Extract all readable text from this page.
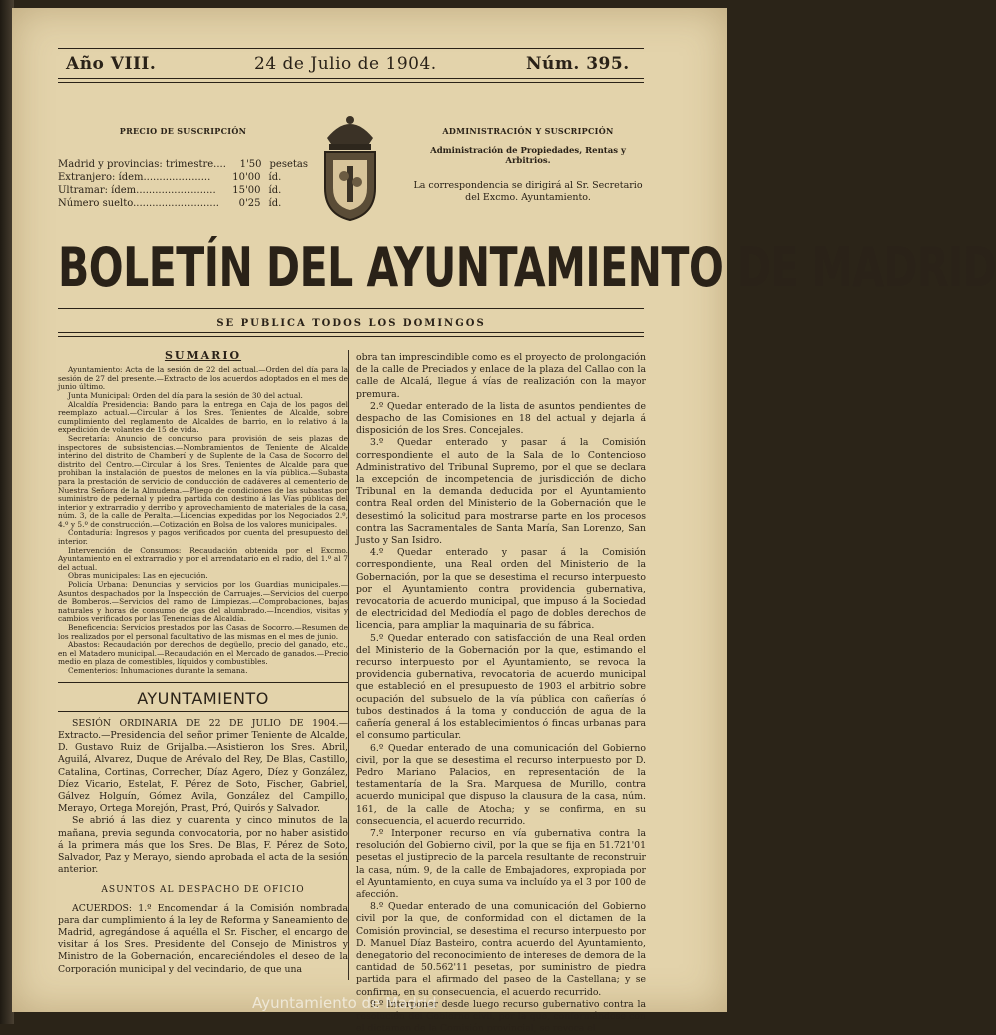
Año VIII.	24 de Julio de 1904.	Núm. 395.
PRECIO DE SUSCRIPCIÓN
Madrid y provincias: trimestre....	1'50 pesetas
Extranjero: ídem.....................	10'00 íd.
Ultramar: ídem.........................	15'00 íd.
Número suelto...........................	0'25 íd.
ADMINISTRACIÓN Y SUSCRIPCIÓN
Administración de Propiedades, Rentas y Arbitrios.
La correspondencia se dirigirá al Sr. Secretario del Excmo. Ayuntamiento.
BOLETÍN DEL AYUNTAMIENTO DE MADRID
SE PUBLICA TODOS LOS DOMINGOS
SUMARIO

Ayuntamiento: Acta de la sesión de 22 del actual.—Orden del día para la sesión de 27 del presente.—Extracto de los acuerdos adoptados en el mes de junio último.

Junta Municipal: Orden del día para la sesión de 30 del actual.

Alcaldía Presidencia: Bando para la entrega en Caja de los pagos del reemplazo actual.—Circular á los Sres. Tenientes de Alcalde, sobre cumplimiento del reglamento de Alcaldes de barrio, en lo relativo á la expedición de volantes de 15 de vida.

Secretaría: Anuncio de concurso para provisión de seis plazas de inspectores de subsistencias.—Nombramientos de Teniente de Alcalde interino del distrito de Chamberí y de Suplente de la Casa de Socorro del distrito del Centro.—Circular á los Sres. Tenientes de Alcalde para que prohiban la instalación de puestos de melones en la vía pública.—Subasta para la prestación de servicio de conducción de cadáveres al cementerio de Nuestra Señora de la Almudena.—Pliego de condiciones de las subastas por suministro de pedernal y piedra partida con destino á las Vías públicas del interior y extrarradio y derribo y aprovechamiento de materiales de la casa, núm. 3, de la calle de Peralta.—Licencias expedidas por los Negociados 2.º, 4.º y 5.º de construcción.—Cotización en Bolsa de los valores municipales.

Contaduría: Ingresos y pagos verificados por cuenta del presupuesto del interior.

Intervención de Consumos: Recaudación obtenida por el Excmo. Ayuntamiento en el extrarradio y por el arrendatario en el radio, del 1.º al 7 del actual.

Obras municipales: Las en ejecución.

Policía Urbana: Denuncias y servicios por los Guardias municipales.—Asuntos despachados por la Inspección de Carruajes.—Servicios del cuerpo de Bomberos.—Servicios del ramo de Limpiezas.—Comprobaciones, bajas naturales y horas de consumo de gas del alumbrado.—Incendios, visitas y cambios verificados por las Tenencias de Alcaldía.

Beneficencia: Servicios prestados por las Casas de Socorro.—Resumen de los realizados por el personal facultativo de las mismas en el mes de junio.

Abastos: Recaudación por derechos de degüello, precio del ganado, etc., en el Matadero municipal.—Recaudación en el Mercado de ganados.—Precio medio en plaza de comestibles, líquidos y combustibles.

Cementerios: Inhumaciones durante la semana.

AYUNTAMIENTO

SESIÓN ORDINARIA DE 22 DE JULIO DE 1904.—Extracto.—Presidencia del señor primer Teniente de Alcalde, D. Gustavo Ruiz de Grijalba.—Asistieron los Sres. Abril, Aguilá, Alvarez, Duque de Arévalo del Rey, De Blas, Castillo, Catalina, Cortinas, Correcher, Díaz Agero, Díez y González, Díez Vicario, Estelat, F. Pérez de Soto, Fischer, Gabriel, Gálvez Holguín, Gómez Avila, González del Campillo, Merayo, Ortega Morejón, Prast, Pró, Quirós y Salvador.

Se abrió á las diez y cuarenta y cinco minutos de la mañana, previa segunda convocatoria, por no haber asistido á la primera más que los Sres. De Blas, F. Pérez de Soto, Salvador, Paz y Merayo, siendo aprobada el acta de la sesión anterior.

ASUNTOS AL DESPACHO DE OFICIO

ACUERDOS: 1.º Encomendar á la Comisión nombrada para dar cumplimiento á la ley de Reforma y Saneamiento de Madrid, agregándose á aquélla el Sr. Fischer, el encargo de visitar á los Sres. Presidente del Consejo de Ministros y Ministro de la Gobernación, encareciéndoles el deseo de la Corporación municipal y del vecindario, de que una

obra tan imprescindible como es el proyecto de prolongación de la calle de Preciados y enlace de la plaza del Callao con la calle de Alcalá, llegue á vías de realización con la mayor premura.

2.º Quedar enterado de la lista de asuntos pendientes de despacho de las Comisiones en 18 del actual y dejarla á disposición de los Sres. Concejales.

3.º Quedar enterado y pasar á la Comisión correspondiente el auto de la Sala de lo Contencioso Administrativo del Tribunal Supremo, por el que se declara la excepción de incompetencia de jurisdicción de dicho Tribunal en la demanda deducida por el Ayuntamiento contra Real orden del Ministerio de la Gobernación que le desestimó la solicitud para mostrarse parte en los procesos contra las Sacramentales de Santa María, San Lorenzo, San Justo y San Isidro.

4.º Quedar enterado y pasar á la Comisión correspondiente, una Real orden del Ministerio de la Gobernación, por la que se desestima el recurso interpuesto por el Ayuntamiento contra providencia gubernativa, revocatoria de acuerdo municipal, que impuso á la Sociedad de electricidad del Mediodía el pago de dobles derechos de licencia, para ampliar la maquinaria de su fábrica.

5.º Quedar enterado con satisfacción de una Real orden del Ministerio de la Gobernación por la que, estimando el recurso interpuesto por el Ayuntamiento, se revoca la providencia gubernativa, revocatoria de acuerdo municipal que estableció en el presupuesto de 1903 el arbitrio sobre ocupación del subsuelo de la vía pública con cañerías ó tubos destinados á la toma y conducción de agua de la cañería general á los establecimientos ó fincas urbanas para el consumo particular.

6.º Quedar enterado de una comunicación del Gobierno civil, por la que se desestima el recurso interpuesto por D. Pedro Mariano Palacios, en representación de la testamentaría de la Sra. Marquesa de Murillo, contra acuerdo municipal que dispuso la clausura de la casa, núm. 161, de la calle de Atocha; y se confirma, en su consecuencia, el acuerdo recurrido.

7.º Interponer recurso en vía gubernativa contra la resolución del Gobierno civil, por la que se fija en 51.721'01 pesetas el justiprecio de la parcela resultante de reconstruir la casa, núm. 9, de la calle de Embajadores, expropiada por el Ayuntamiento, en cuya suma va incluído ya el 3 por 100 de afección.

8.º Quedar enterado de una comunicación del Gobierno civil por la que, de conformidad con el dictamen de la Comisión provincial, se desestima el recurso interpuesto por D. Manuel Díaz Basteiro, contra acuerdo del Ayuntamiento, denegatorio del reconocimiento de intereses de demora de la cantidad de 50.562'11 pesetas, por suministro de piedra partida para el afirmado del paseo de la Castellana; y se confirma, en su consecuencia, el acuerdo recurrido.

9.º Interponer desde luego recurso gubernativo contra la resolución del Gobierno civil, por la que, conformándose con el dictamen de la Comisión provincial, se revoca el

Ayuntamiento de Madrid
